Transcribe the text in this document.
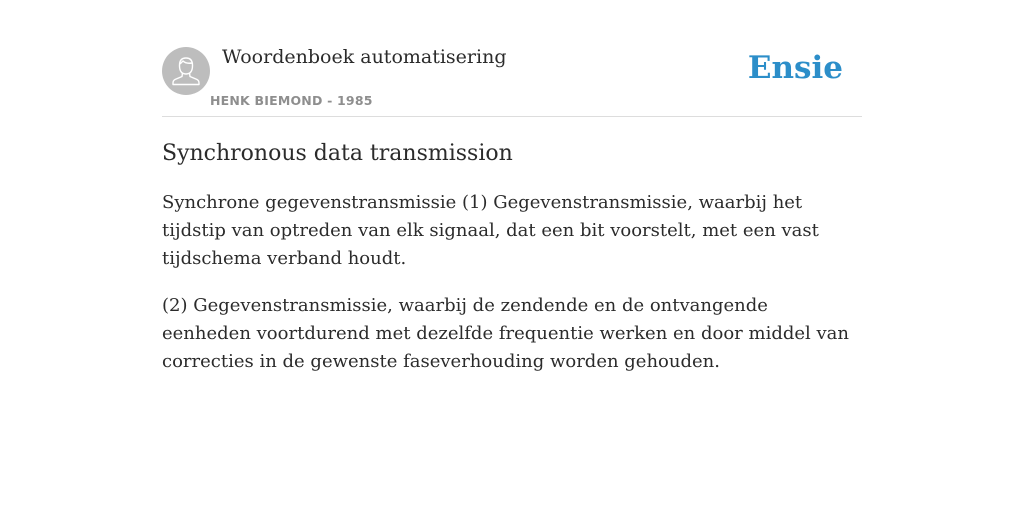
Woordenboek automatisering
HENK BIEMOND - 1985
Ensie
Synchronous data transmission

Synchrone gegevenstransmissie (1) Gegevenstransmissie, waarbij het tijdstip van optreden van elk signaal, dat een bit voorstelt, met een vast tijdschema verband houdt.

(2) Gegevenstransmissie, waarbij de zendende en de ontvangende eenheden voortdurend met dezelfde frequentie werken en door middel van correcties in de gewenste faseverhouding worden gehouden.
